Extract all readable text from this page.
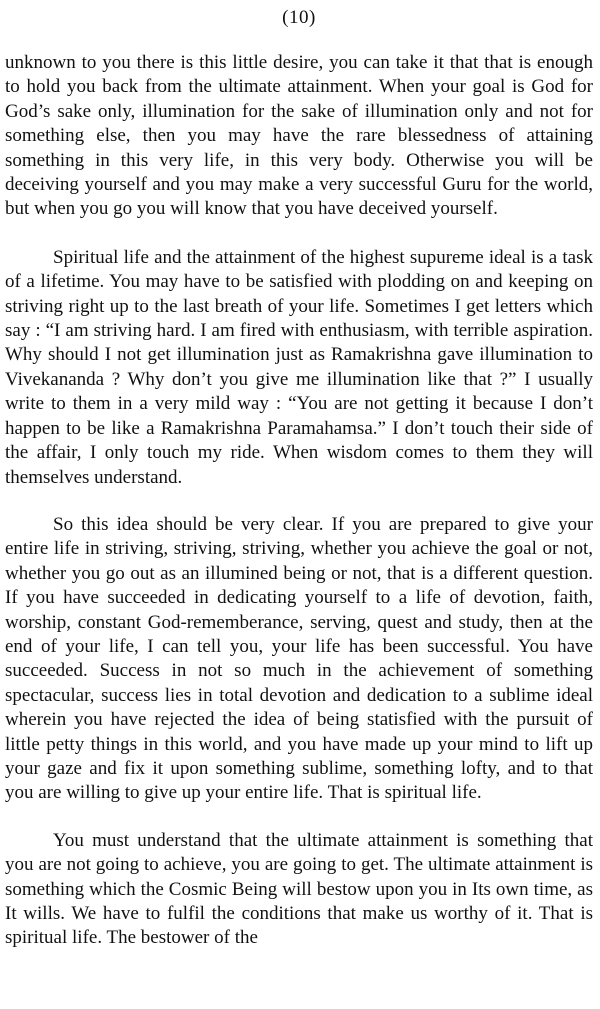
(10)

unknown to you there is this little desire, you can take it that that is enough to hold you back from the ultimate attainment. When your goal is God for God’s sake only, illumination for the sake of illumination only and not for something else, then you may have the rare blessedness of attaining something in this very life, in this very body. Otherwise you will be deceiving yourself and you may make a very successful Guru for the world, but when you go you will know that you have deceived yourself.

Spiritual life and the attainment of the highest supureme ideal is a task of a lifetime. You may have to be satisfied with plodding on and keeping on striving right up to the last breath of your life. Sometimes I get letters which say : “I am striving hard. I am fired with enthusiasm, with terrible aspiration. Why should I not get illumination just as Ramakrishna gave illumination to Vivekananda ? Why don’t you give me illumination like that ?” I usually write to them in a very mild way : “You are not getting it because I don’t happen to be like a Ramakrishna Paramahamsa.” I don’t touch their side of the affair, I only touch my ride. When wisdom comes to them they will themselves understand.

So this idea should be very clear. If you are prepared to give your entire life in striving, striving, striving, whether you achieve the goal or not, whether you go out as an illumined being or not, that is a different question. If you have succeeded in dedicating yourself to a life of devotion, faith, worship, constant God-rememberance, serving, quest and study, then at the end of your life, I can tell you, your life has been successful. You have succeeded. Success in not so much in the achievement of something spectacular, success lies in total devotion and dedication to a sublime ideal wherein you have rejected the idea of being statisfied with the pursuit of little petty things in this world, and you have made up your mind to lift up your gaze and fix it upon something sublime, something lofty, and to that you are willing to give up your entire life. That is spiritual life.

You must understand that the ultimate attainment is something that you are not going to achieve, you are going to get. The ultimate attainment is something which the Cosmic Being will bestow upon you in Its own time, as It wills. We have to fulfil the conditions that make us worthy of it. That is spiritual life. The bestower of the
